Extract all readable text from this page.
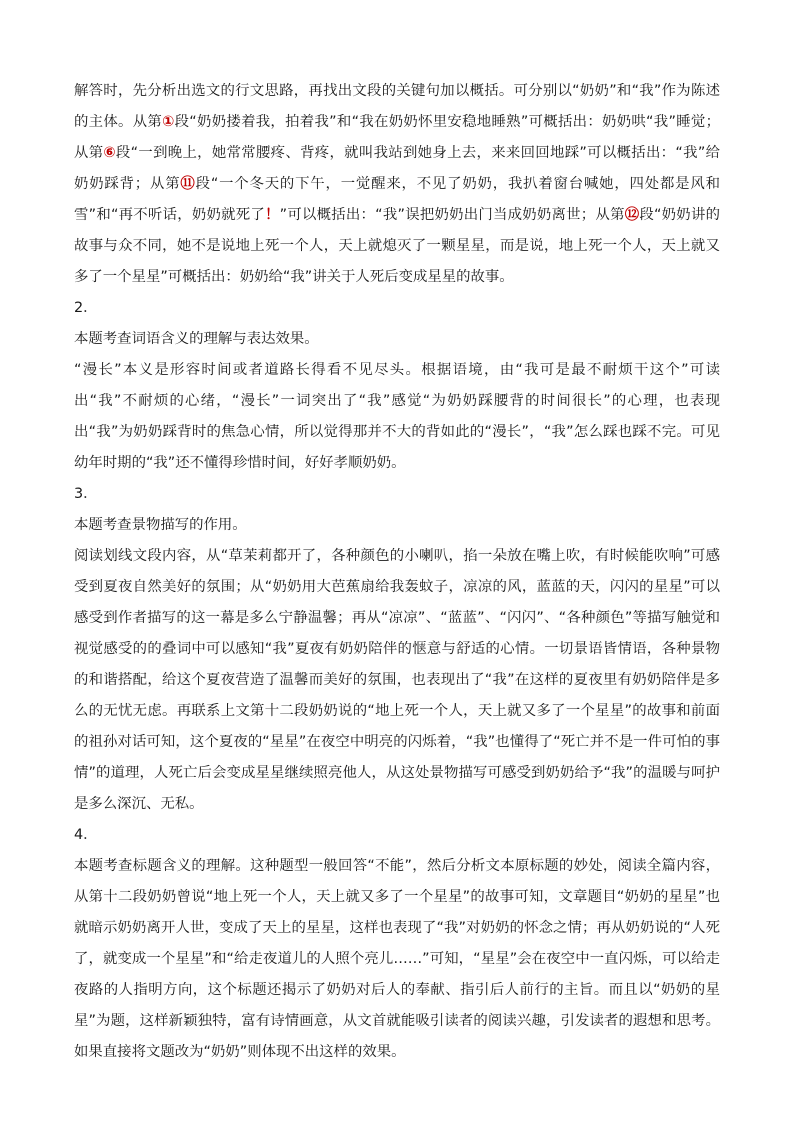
解答时，先分析出选文的行文思路，再找出文段的关键句加以概括。可分别以“奶奶”和“我”作为陈述的主体。从第①段“奶奶搂着我，拍着我”和“我在奶奶怀里安稳地睡熟”可概括出：奶奶哄“我”睡觉；从第⑥段“一到晚上，她常常腰疼、背疼，就叫我站到她身上去，来来回回地踩”可以概括出：“我”给奶奶踩背；从第⑪段“一个冬天的下午，一觉醒来，不见了奶奶，我扒着窗台喊她，四处都是风和雪”和“再不听话，奶奶就死了！”可以概括出：“我”误把奶奶出门当成奶奶离世；从第⑫段“奶奶讲的故事与众不同，她不是说地上死一个人，天上就熄灭了一颗星星，而是说，地上死一个人，天上就又多了一个星星”可概括出：奶奶给“我”讲关于人死后变成星星的故事。

2．

本题考查词语含义的理解与表达效果。

“漫长”本义是形容时间或者道路长得看不见尽头。根据语境，由“我可是最不耐烦干这个”可读出“我”不耐烦的心绪，“漫长”一词突出了“我”感觉“为奶奶踩腰背的时间很长”的心理，也表现出“我”为奶奶踩背时的焦急心情，所以觉得那并不大的背如此的“漫长”，“我”怎么踩也踩不完。可见幼年时期的“我”还不懂得珍惜时间，好好孝顺奶奶。

3．

本题考查景物描写的作用。

阅读划线文段内容，从“草茉莉都开了，各种颜色的小喇叭，掐一朵放在嘴上吹，有时候能吹响”可感受到夏夜自然美好的氛围；从“奶奶用大芭蕉扇给我轰蚊子，凉凉的风，蓝蓝的天，闪闪的星星”可以感受到作者描写的这一幕是多么宁静温馨；再从“凉凉”、“蓝蓝”、“闪闪”、“各种颜色”等描写触觉和视觉感受的的叠词中可以感知“我”夏夜有奶奶陪伴的惬意与舒适的心情。一切景语皆情语，各种景物的和谐搭配，给这个夏夜营造了温馨而美好的氛围，也表现出了“我”在这样的夏夜里有奶奶陪伴是多么的无忧无虑。再联系上文第十二段奶奶说的“地上死一个人，天上就又多了一个星星”的故事和前面的祖孙对话可知，这个夏夜的“星星”在夜空中明亮的闪烁着，“我”也懂得了“死亡并不是一件可怕的事情”的道理，人死亡后会变成星星继续照亮他人，从这处景物描写可感受到奶奶给予“我”的温暖与呵护是多么深沉、无私。

4．

本题考查标题含义的理解。这种题型一般回答“不能”，然后分析文本原标题的妙处，阅读全篇内容，从第十二段奶奶曾说“地上死一个人，天上就又多了一个星星”的故事可知，文章题目“奶奶的星星”也就暗示奶奶离开人世，变成了天上的星星，这样也表现了“我”对奶奶的怀念之情；再从奶奶说的“人死了，就变成一个星星”和“给走夜道儿的人照个亮儿……”可知，“星星”会在夜空中一直闪烁，可以给走夜路的人指明方向，这个标题还揭示了奶奶对后人的奉献、指引后人前行的主旨。而且以“奶奶的星星”为题，这样新颖独特，富有诗情画意，从文首就能吸引读者的阅读兴趣，引发读者的遐想和思考。如果直接将文题改为“奶奶”则体现不出这样的效果。
